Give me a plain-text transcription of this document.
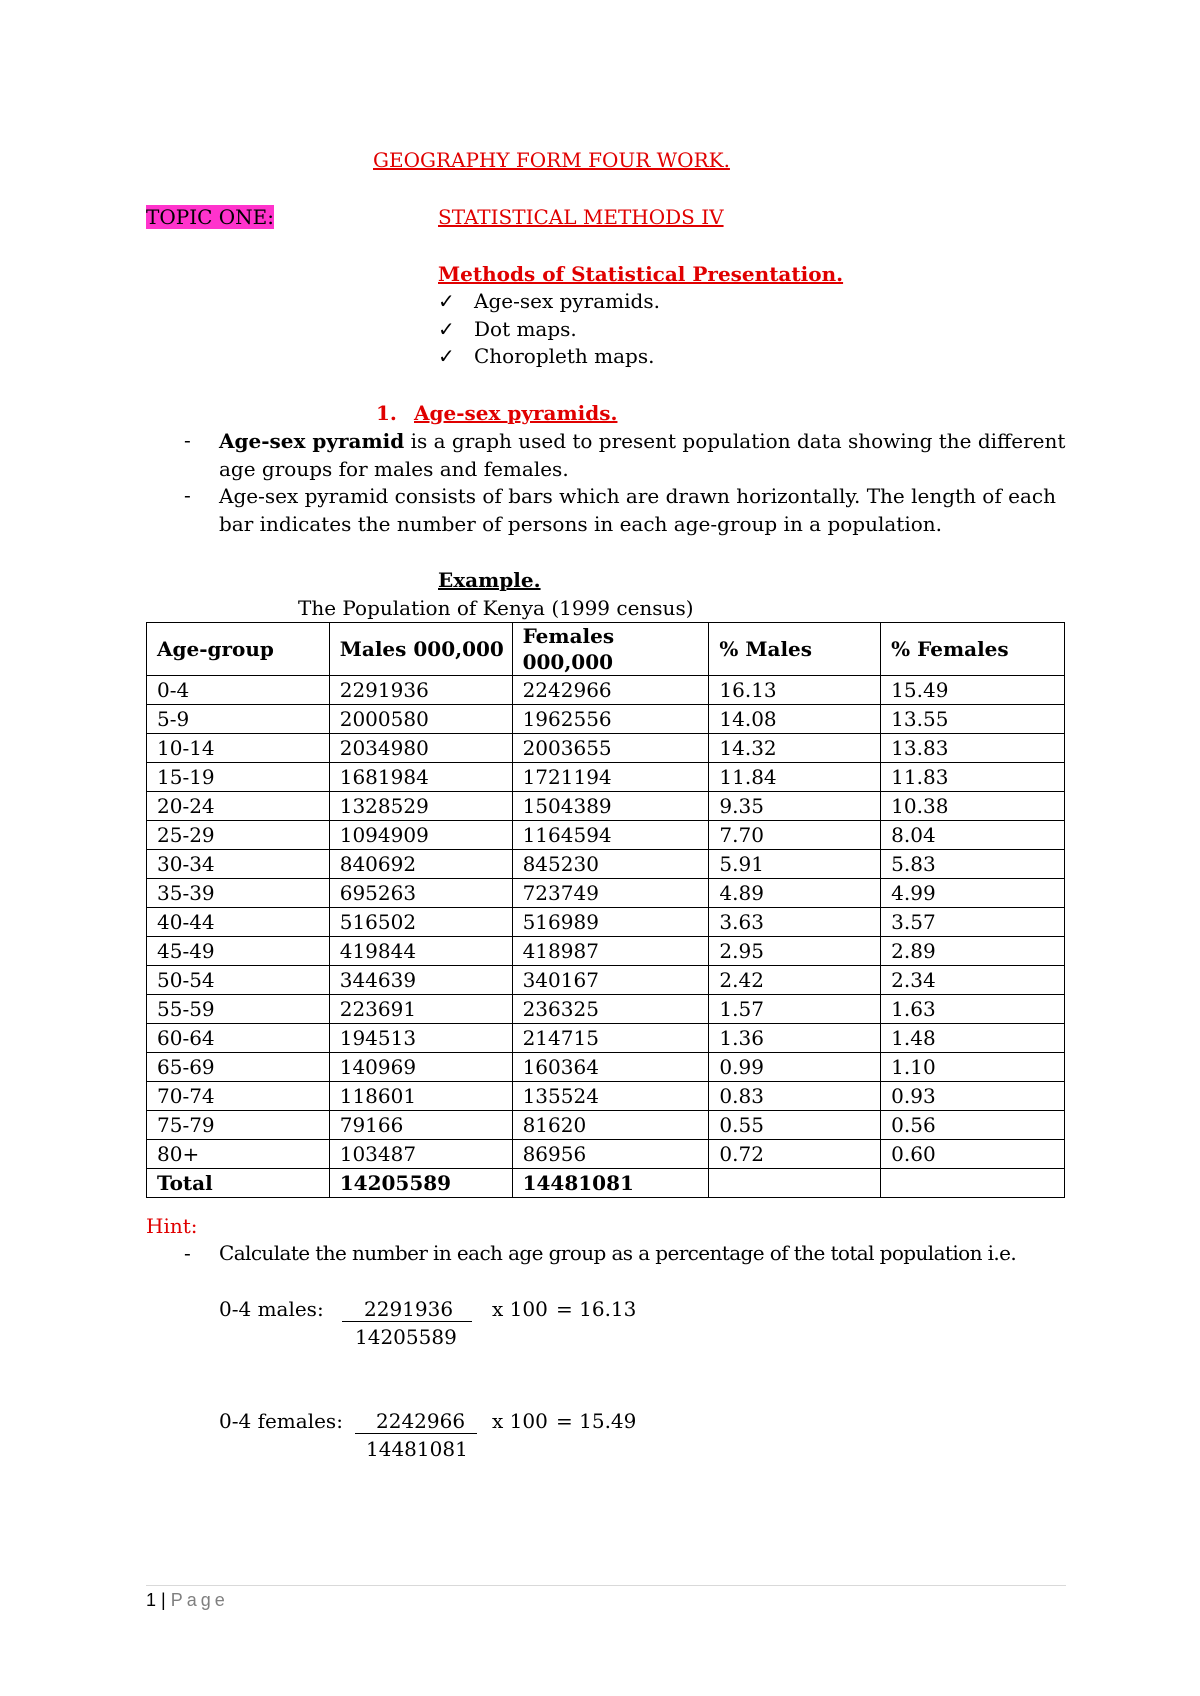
GEOGRAPHY FORM FOUR WORK.
TOPIC ONE:	STATISTICAL METHODS IV
Methods of Statistical Presentation.
✓ Age-sex pyramids.
✓ Dot maps.
✓ Choropleth maps.
1. Age-sex pyramids.
- Age-sex pyramid is a graph used to present population data showing the different age groups for males and females.
- Age-sex pyramid consists of bars which are drawn horizontally. The length of each bar indicates the number of persons in each age-group in a population.
Example.
The Population of Kenya (1999 census)
Age-group	Males 000,000	Females 000,000	% Males	% Females
0-4	2291936	2242966	16.13	15.49
5-9	2000580	1962556	14.08	13.55
10-14	2034980	2003655	14.32	13.83
15-19	1681984	1721194	11.84	11.83
20-24	1328529	1504389	9.35	10.38
25-29	1094909	1164594	7.70	8.04
30-34	840692	845230	5.91	5.83
35-39	695263	723749	4.89	4.99
40-44	516502	516989	3.63	3.57
45-49	419844	418987	2.95	2.89
50-54	344639	340167	2.42	2.34
55-59	223691	236325	1.57	1.63
60-64	194513	214715	1.36	1.48
65-69	140969	160364	0.99	1.10
70-74	118601	135524	0.83	0.93
75-79	79166	81620	0.55	0.56
80+	103487	86956	0.72	0.60
Total	14205589	14481081		
Hint:
- Calculate the number in each age group as a percentage of the total population i.e.
0-4 males: 2291936
14205589
x 100 = 16.13
0-4 females: 2242966
14481081
x 100 = 15.49
1 | Page
